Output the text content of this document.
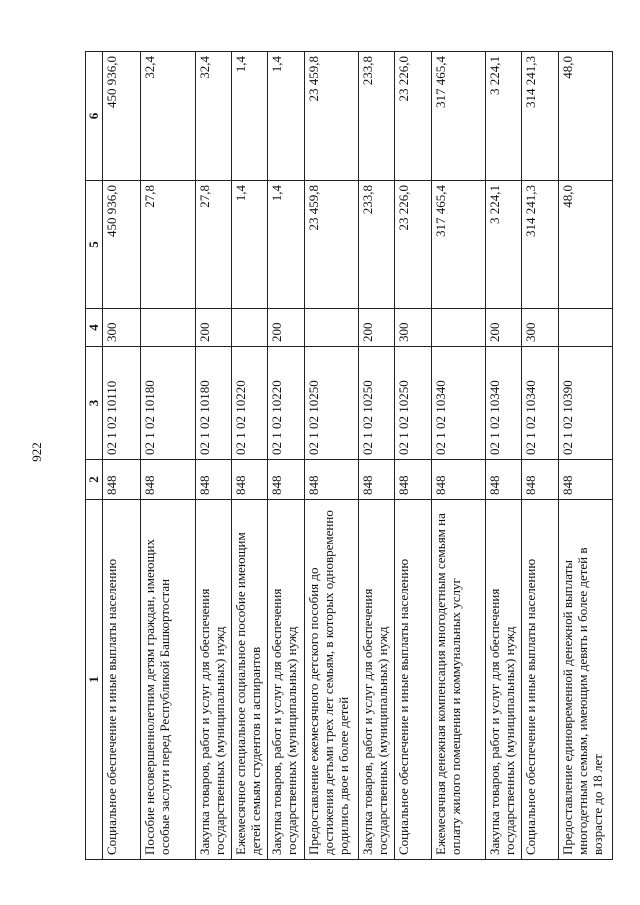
922
1	2	3	4	5	6
Социальное обеспечение и иные выплаты населению	848	02 1 02 10110	300	450 936,0	450 936,0
Пособие несовершеннолетним детям граждан, имеющих особые заслуги перед Республикой Башкортостан	848	02 1 02 10180		27,8	32,4
Закупка товаров, работ и услуг для обеспечения государственных (муниципальных) нужд	848	02 1 02 10180	200	27,8	32,4
Ежемесячное специальное социальное пособие имеющим детей семьям студентов и аспирантов	848	02 1 02 10220		1,4	1,4
Закупка товаров, работ и услуг для обеспечения государственных (муниципальных) нужд	848	02 1 02 10220	200	1,4	1,4
Предоставление ежемесячного детского пособия до достижения детьми трех лет семьям, в которых одновременно родились двое и более детей	848	02 1 02 10250		23 459,8	23 459,8
Закупка товаров, работ и услуг для обеспечения государственных (муниципальных) нужд	848	02 1 02 10250	200	233,8	233,8
Социальное обеспечение и иные выплаты населению	848	02 1 02 10250	300	23 226,0	23 226,0
Ежемесячная денежная компенсация многодетным семьям на оплату жилого помещения и коммунальных услуг	848	02 1 02 10340		317 465,4	317 465,4
Закупка товаров, работ и услуг для обеспечения государственных (муниципальных) нужд	848	02 1 02 10340	200	3 224,1	3 224,1
Социальное обеспечение и иные выплаты населению	848	02 1 02 10340	300	314 241,3	314 241,3
Предоставление единовременной денежной выплаты многодетным семьям, имеющим девять и более детей в возрасте до 18 лет	848	02 1 02 10390		48,0	48,0
